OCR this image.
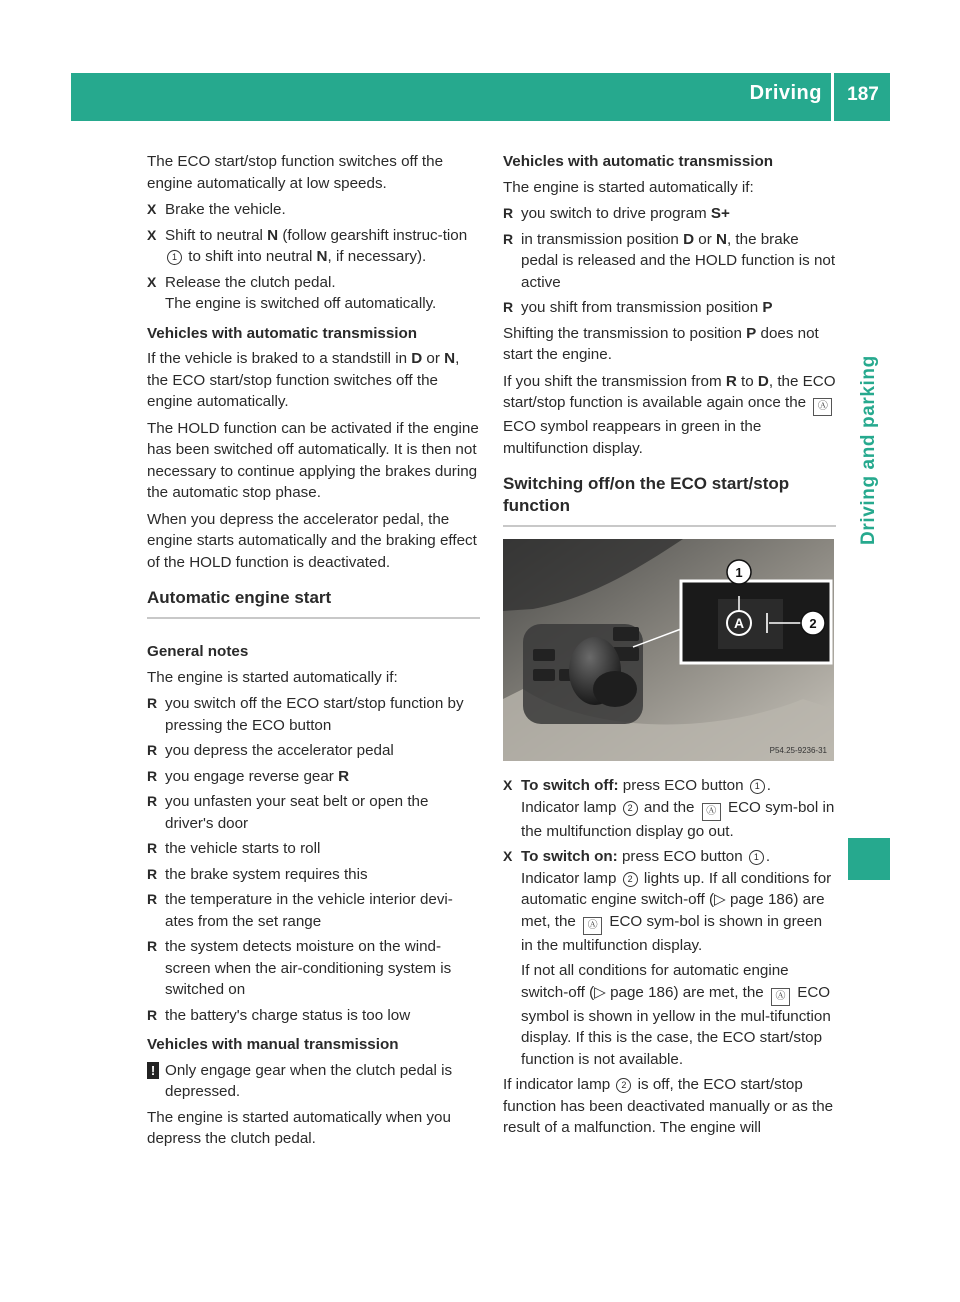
Driving	187
Driving and parking

The ECO start/stop function switches off the engine automatically at low speeds.

X Brake the vehicle.
X Shift to neutral N (follow gearshift instruc-tion 1 to shift into neutral N, if necessary).
X Release the clutch pedal.
The engine is switched off automatically.
Vehicles with automatic transmission

If the vehicle is braked to a standstill in D or N, the ECO start/stop function switches off the engine automatically.

The HOLD function can be activated if the engine has been switched off automatically. It is then not necessary to continue applying the brakes during the automatic stop phase.

When you depress the accelerator pedal, the engine starts automatically and the braking effect of the HOLD function is deactivated.

Automatic engine start
General notes

The engine is started automatically if:

R you switch off the ECO start/stop function by pressing the ECO button
R you depress the accelerator pedal
R you engage reverse gear R
R you unfasten your seat belt or open the driver's door
R the vehicle starts to roll
R the brake system requires this
R the temperature in the vehicle interior devi-ates from the set range
R the system detects moisture on the wind-screen when the air-conditioning system is switched on
R the battery's charge status is too low
Vehicles with manual transmission
! Only engage gear when the clutch pedal is depressed.

The engine is started automatically when you depress the clutch pedal.

Vehicles with automatic transmission

The engine is started automatically if:

R you switch to drive program S+
R in transmission position D or N, the brake pedal is released and the HOLD function is not active
R you shift from transmission position P

Shifting the transmission to position P does not start the engine.

If you shift the transmission from R to D, the ECO start/stop function is available again once the Ⓐ ECO symbol reappears in green in the multifunction display.

Switching off/on the ECO start/stop function
A
1
2
P54.25-9236-31
X To switch off: press ECO button 1 .
Indicator lamp 2 and the Ⓐ ECO sym-bol in the multifunction display go out.
X To switch on: press ECO button 1 .
Indicator lamp 2 lights up. If all conditions for automatic engine switch-off (▷ page 186) are met, the Ⓐ ECO sym-bol is shown in green in the multifunction display.
If not all conditions for automatic engine switch-off (▷ page 186) are met, the Ⓐ ECO symbol is shown in yellow in the mul-tifunction display. If this is the case, the ECO start/stop function is not available.

If indicator lamp 2 is off, the ECO start/stop function has been deactivated manually or as the result of a malfunction. The engine will
